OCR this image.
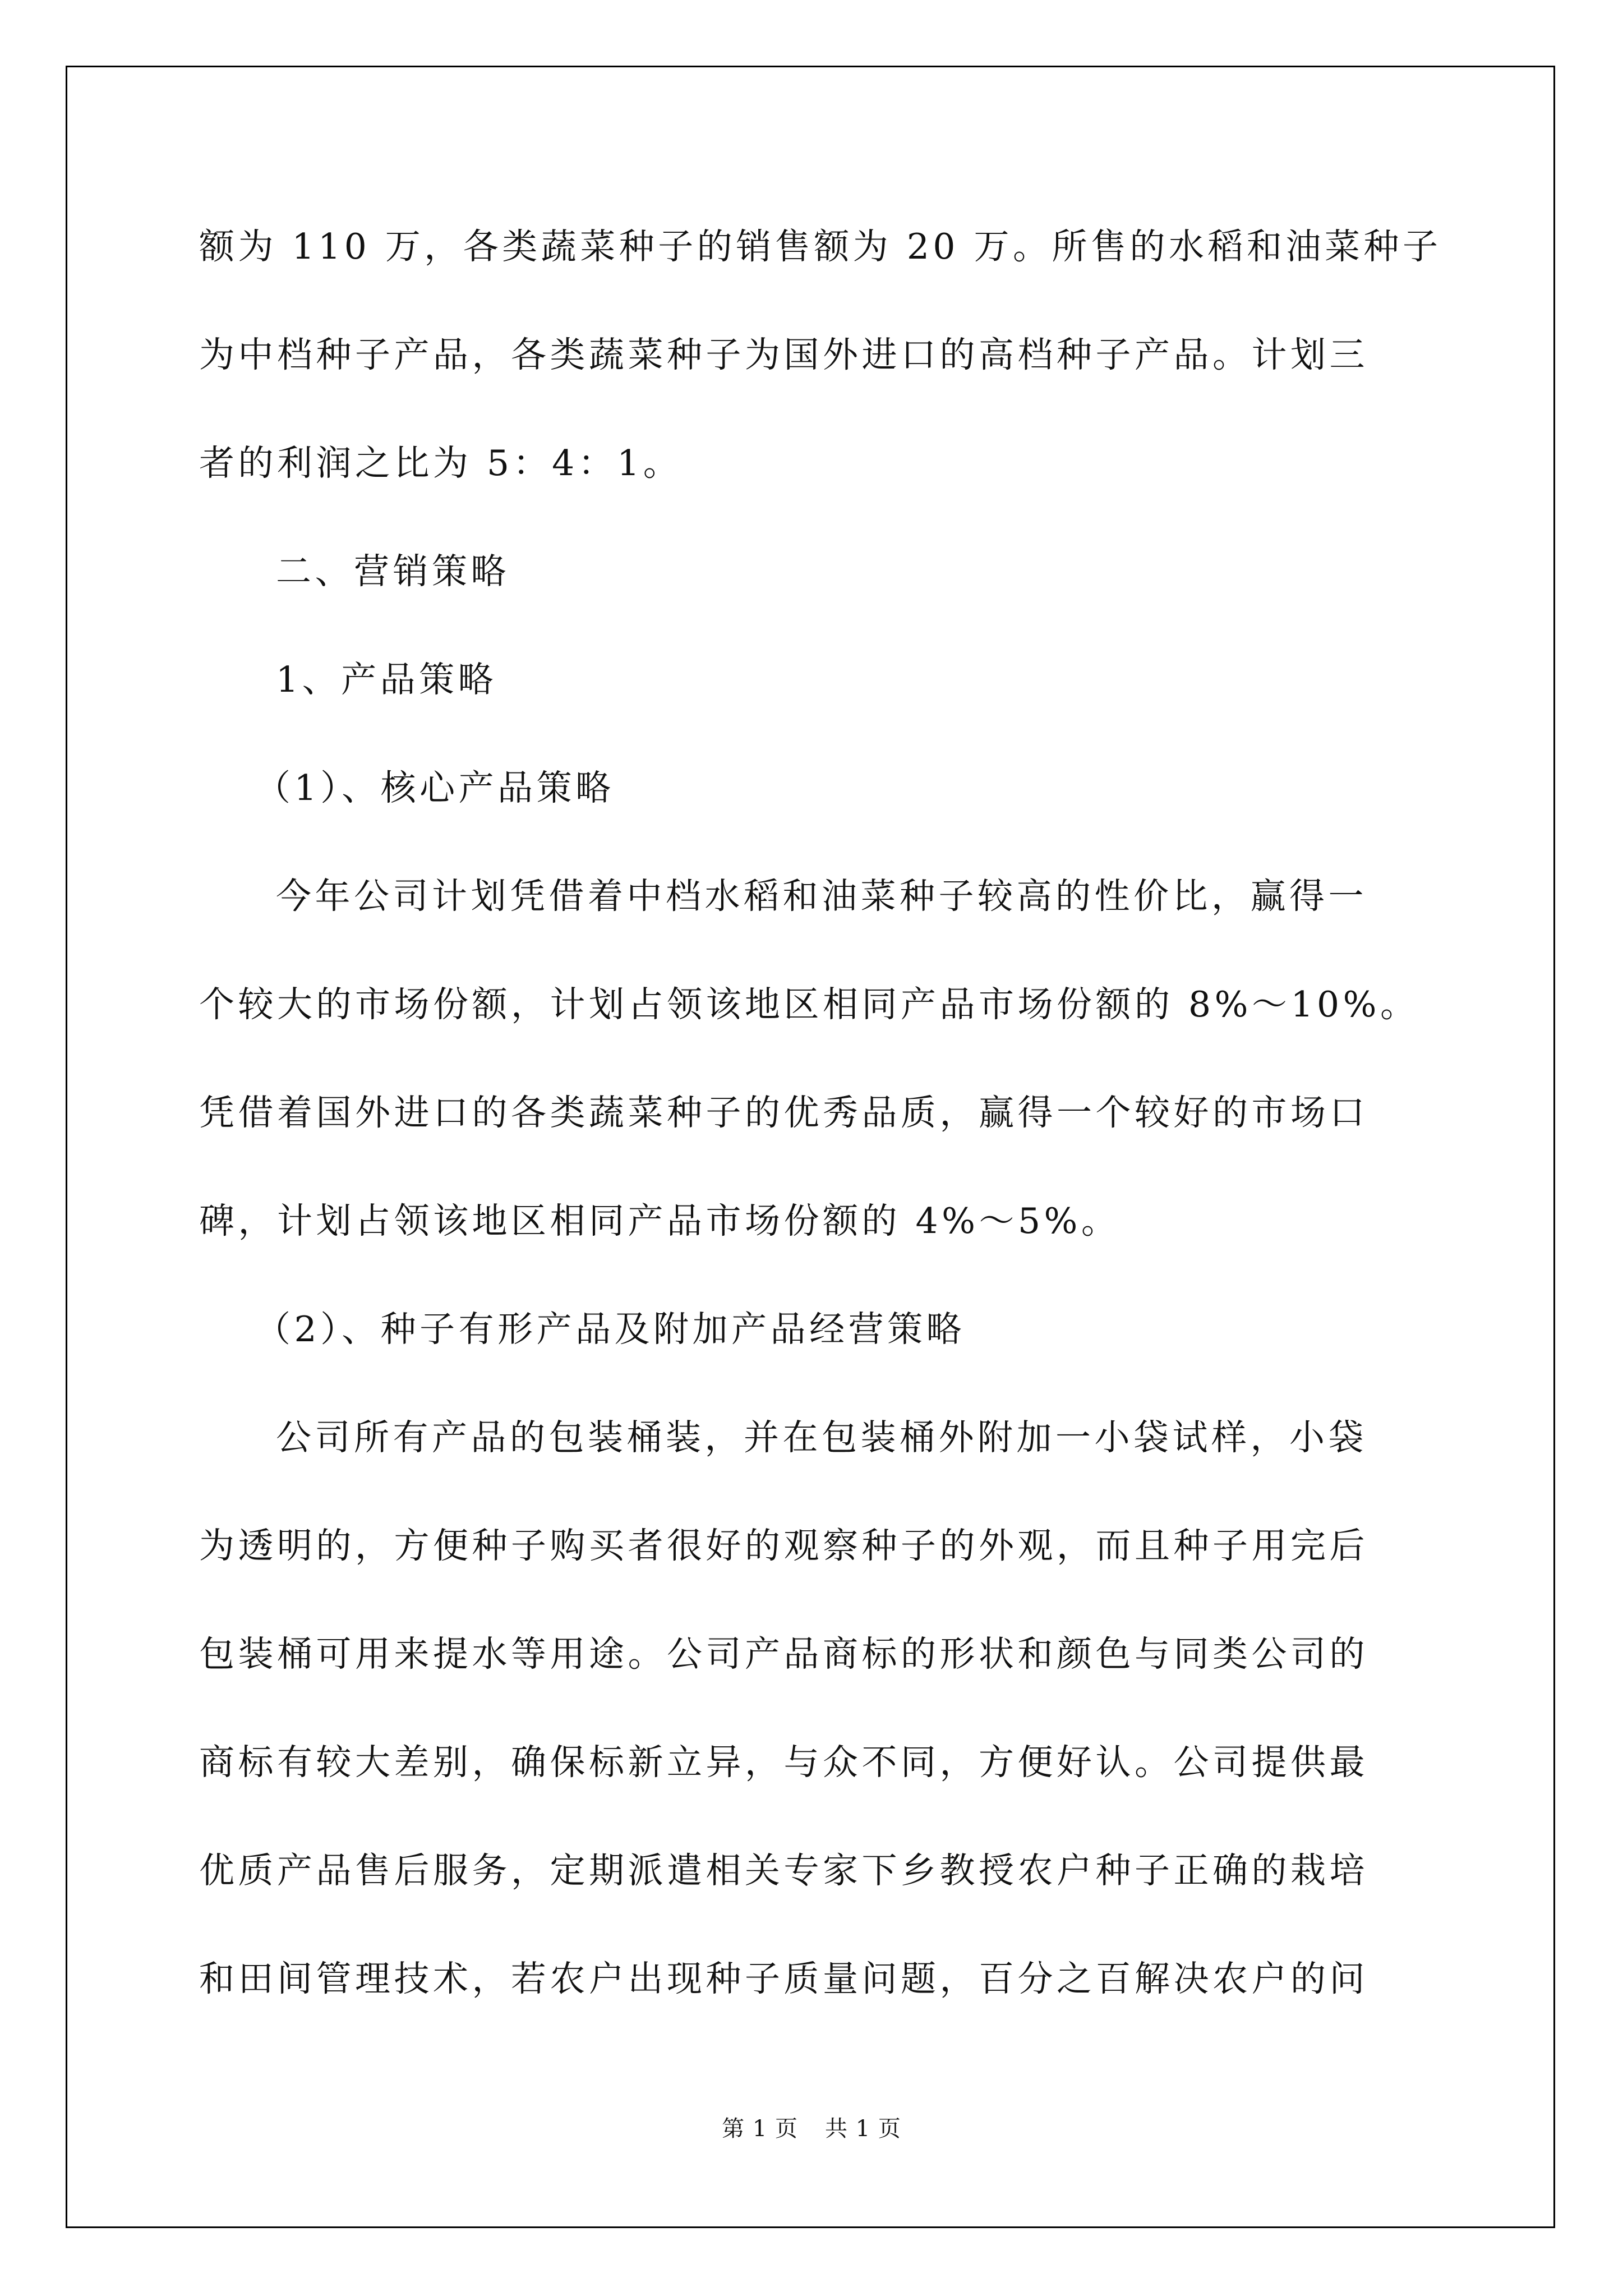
额为 110 万，各类蔬菜种子的销售额为 20 万。所售的水稻和油菜种子
为中档种子产品，各类蔬菜种子为国外进口的高档种子产品。计划三
者的利润之比为 5：4：1。
二、营销策略
1、产品策略
（1）、核心产品策略
今年公司计划凭借着中档水稻和油菜种子较高的性价比，赢得一
个较大的市场份额，计划占领该地区相同产品市场份额的 8%～10%。
凭借着国外进口的各类蔬菜种子的优秀品质，赢得一个较好的市场口
碑，计划占领该地区相同产品市场份额的 4%～5%。
（2）、种子有形产品及附加产品经营策略
公司所有产品的包装桶装，并在包装桶外附加一小袋试样，小袋
为透明的，方便种子购买者很好的观察种子的外观，而且种子用完后
包装桶可用来提水等用途。公司产品商标的形状和颜色与同类公司的
商标有较大差别，确保标新立异，与众不同，方便好认。公司提供最
优质产品售后服务，定期派遣相关专家下乡教授农户种子正确的栽培
和田间管理技术，若农户出现种子质量问题，百分之百解决农户的问
第 1 页 共 1 页
